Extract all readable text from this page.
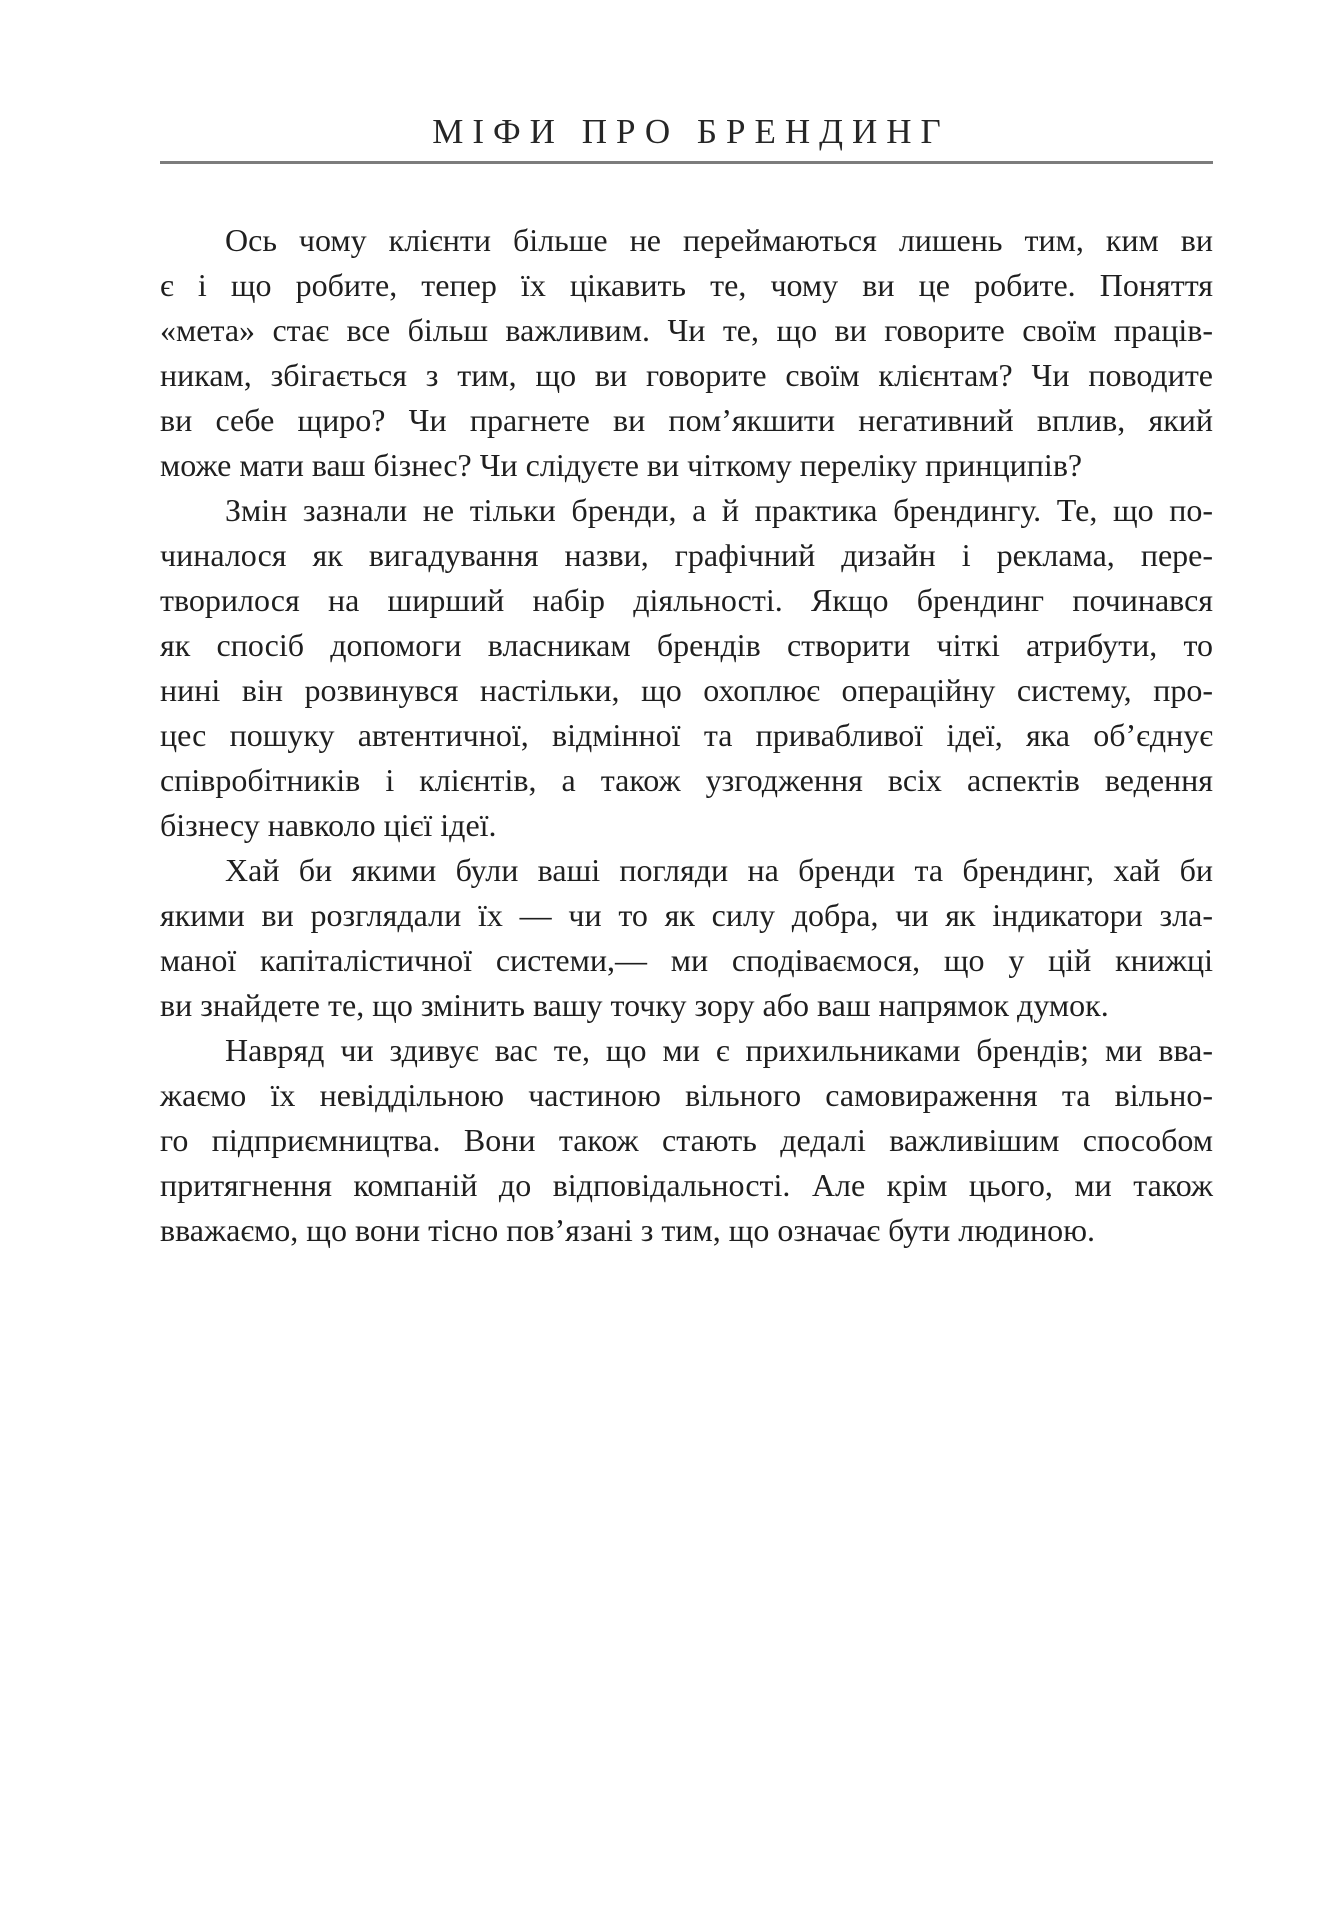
МІФИ ПРО БРЕНДИНГ
Ось чому клієнти більше не переймаються лишень тим, ким ви
є і що робите, тепер їх цікавить те, чому ви це робите. Поняття
«мета» стає все більш важливим. Чи те, що ви говорите своїм праців-
никам, збігається з тим, що ви говорите своїм клієнтам? Чи поводите
ви себе щиро? Чи прагнете ви пом’якшити негативний вплив, який
може мати ваш бізнес? Чи слідуєте ви чіткому переліку принципів?
Змін зазнали не тільки бренди, а й практика брендингу. Те, що по-
чиналося як вигадування назви, графічний дизайн і реклама, пере-
творилося на ширший набір діяльності. Якщо брендинг починався
як спосіб допомоги власникам брендів створити чіткі атрибути, то
нині він розвинувся настільки, що охоплює операційну систему, про-
цес пошуку автентичної, відмінної та привабливої ідеї, яка об’єднує
співробітників і клієнтів, а також узгодження всіх аспектів ведення
бізнесу навколо цієї ідеї.
Хай би якими були ваші погляди на бренди та брендинг, хай би
якими ви розглядали їх — чи то як силу добра, чи як індикатори зла-
маної капіталістичної системи,— ми сподіваємося, що у цій книжці
ви знайдете те, що змінить вашу точку зору або ваш напрямок думок.
Навряд чи здивує вас те, що ми є прихильниками брендів; ми вва-
жаємо їх невіддільною частиною вільного самовираження та вільно-
го підприємництва. Вони також стають дедалі важливішим способом
притягнення компаній до відповідальності. Але крім цього, ми також
вважаємо, що вони тісно пов’язані з тим, що означає бути людиною.
